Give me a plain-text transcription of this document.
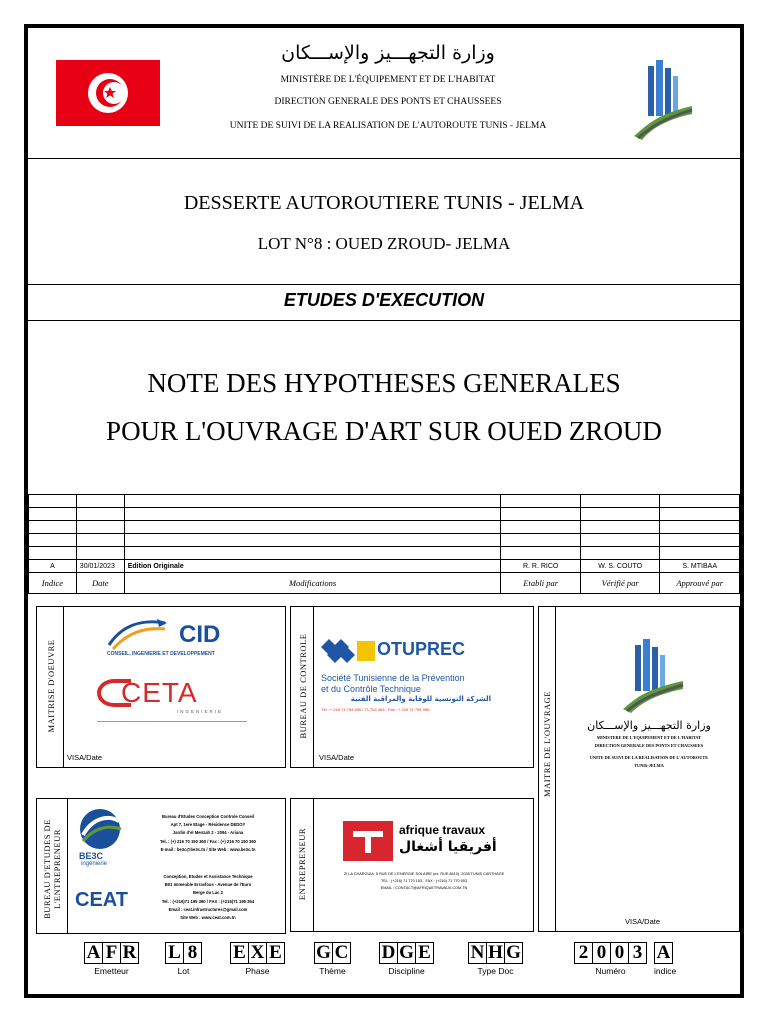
وزارة التجهـــيز والإســـكان
MINISTÈRE DE L'ÉQUIPEMENT ET DE L'HABITAT
DIRECTION GENERALE DES PONTS ET CHAUSSEES
UNITE DE SUIVI DE LA REALISATION DE L'AUTOROUTE TUNIS - JELMA
DESSERTE AUTOROUTIERE TUNIS - JELMA
LOT N°8 : OUED ZROUD- JELMA
ETUDES D'EXECUTION
NOTE DES HYPOTHESES GENERALES
POUR L'OUVRAGE D'ART SUR OUED ZROUD

A	30/01/2023	Edition Originale	R. R. RICO	W. S. COUTO	S. MTIBAA
Indice	Date	Modifications	Etabli par	Vérifié par	Approuvé par
MAITRISE D'OEUVRE
CID
CONSEIL, INGENIERIE ET DEVELOPPEMENT
CETA
INGENIERIE
VISA/Date
BUREAU DE CONTROLE	OTUPREC
Société Tunisienne de la Prévention
et du Contrôle Technique
الشركة التونسية للوقاية والمراقبة الفنية
Tél : + 216 71 754 659 / 71 754 463 - Fax : + 216 71 754 996
VISA/Date	MAITRE DE L'OUVRAGE	وزارة التجهـــيز والإســـكان
MINISTERE DE L'EQUIPEMENT ET DE L'HABITAT
DIRECTION GENERALE DES PONTS ET CHAUSSEES
UNITE DE SUIVI DE LA REALISATION DE L'AUTOROUTE
TUNIS-JELMA
VISA/Date
BUREAU D'ETUDES DE L'ENTREPRENEUR BE3C
ingénierie
Bureau d'Etudes Conception Controle Conseil
Apt 7, 1ere Etage - Résidence DEDOY
Jardin d'el Menzah 2 - 2094 - Ariana
Tel. : (+) 216 70 150 360 / Fax : (+) 216 70 150 360
E-mail : be3c@be3c.tn / Site Web : www.be3c.tn
CEAT
Conception, Etudes et Assistance Technique
B01 Immeuble Errasfous - Avenue de l'Euro
Berge du Lac 2
Tel. : (+216)71 195 360 / FAX : (+216)71 195 364
Email : ceat.infrastructures@gmail.com
Site Web : www.ceat.com.tn
ENTREPRENEUR	afrique travaux
أفريقيا أشغال
ZI LA CHARGUIA, 5 RUE DE L'ENERGIE SOLAIRE (ex. RUE 8610), 2035 TUNIS CARTHAGE
TEL : (+216) 71 770 153 - FAX : (+216) 71 770 653
EMAIL : CONTACT@AFRIQUETRAVAUX.COM.TN
A F R
Emetteur
L 8
Lot
E X E
Phase
G C
Thème
D G E
Discipline
N H G
Type Doc
2 0 0 3
Numéro
A
indice
